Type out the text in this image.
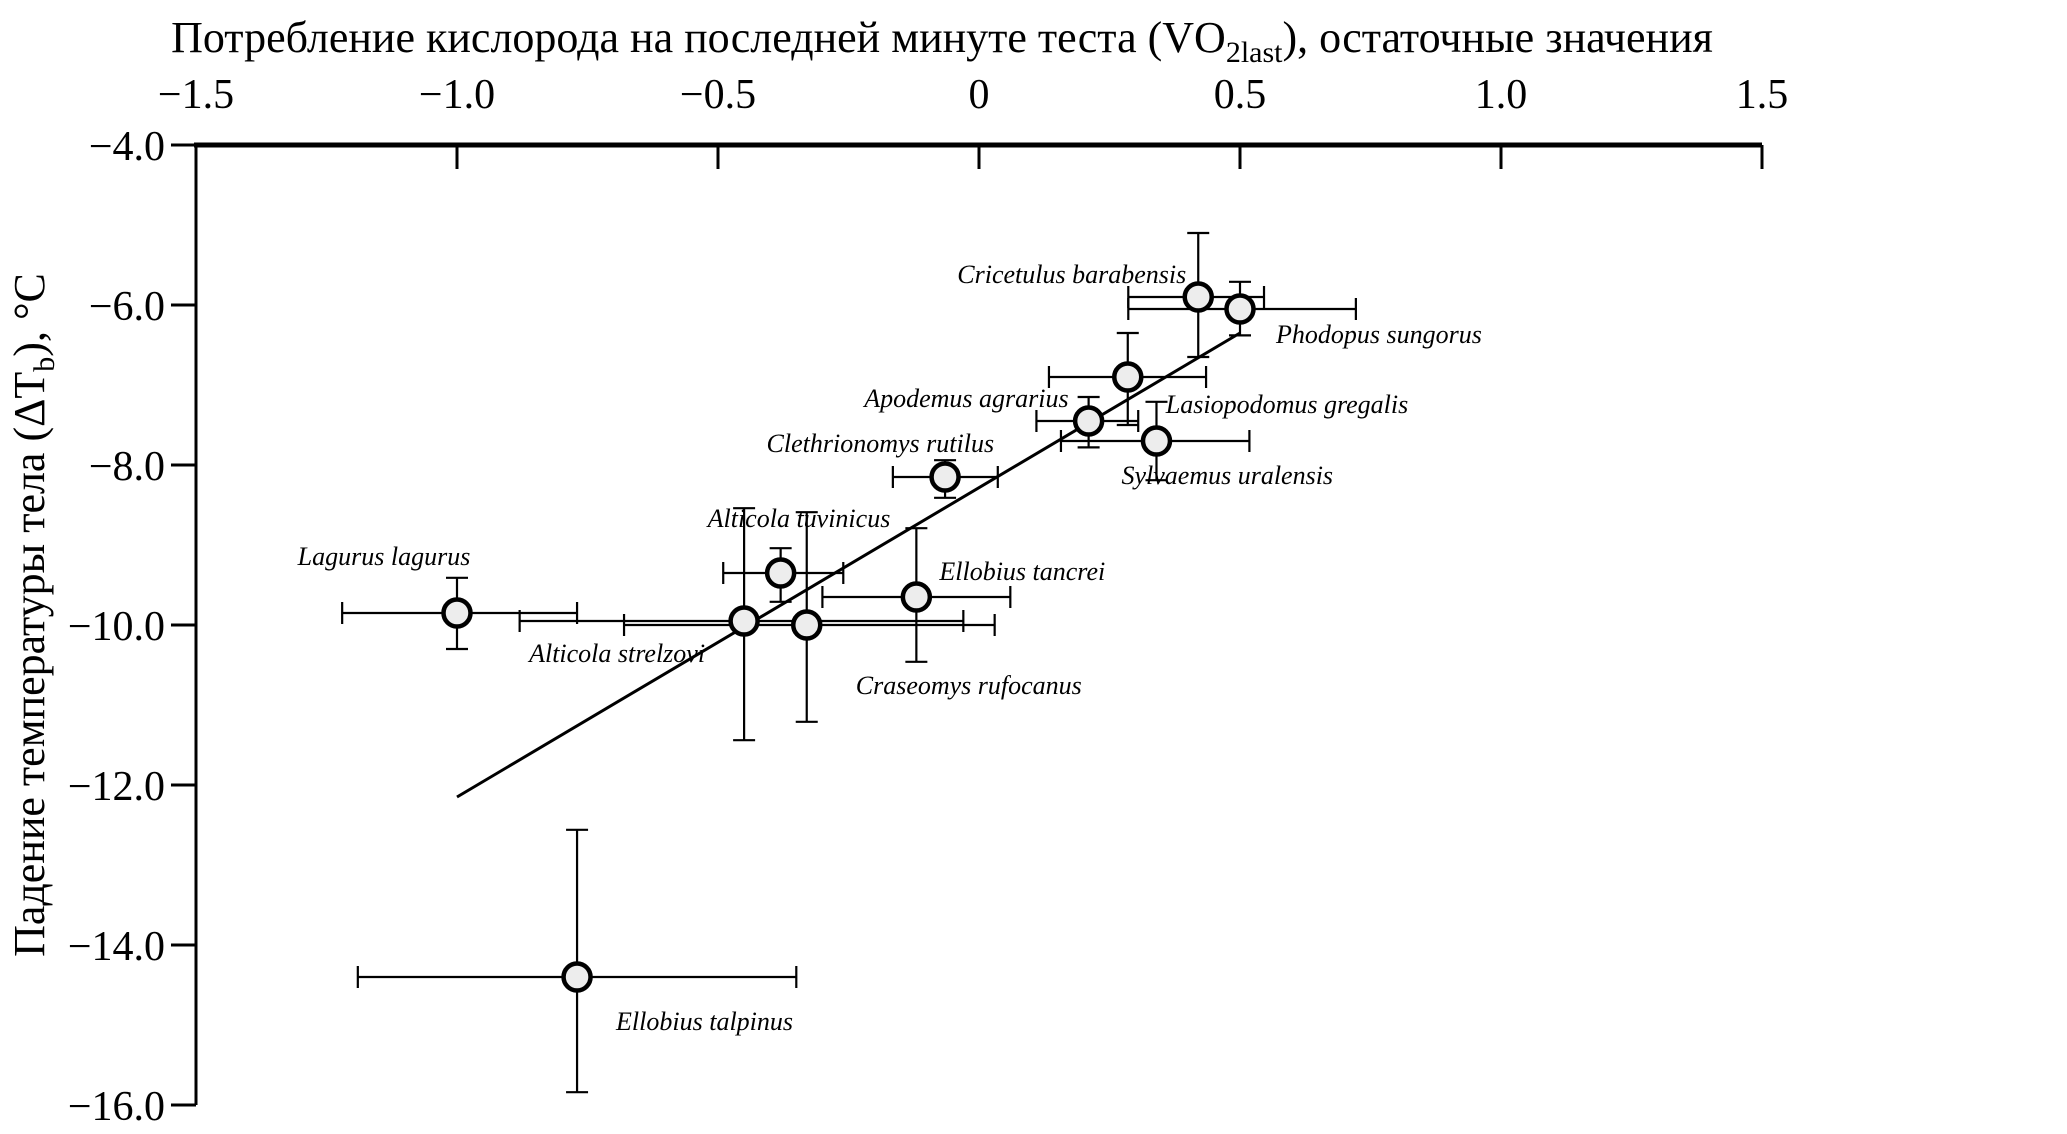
Потребление кислорода на последней минуте теста $(VO_{2last})$, остаточные значения
Падение температуры тела $(\Delta T_b)$, °C
−1.5	−1.0	−0.5	0	0.5	1.0	1.5
−4.0
−6.0
−8.0
−10.0
−12.0
−14.0
−16.0
Lagurus lagurus
Ellobius talpinus
Alticola strelzovi
Craseomys rufocanus
Alticola tuvinicus
Ellobius tancrei
Clethrionomys rutilus
Apodemus agrarius	Lasiopodomus gregalis
Sylvaemus uralensis
Cricetulus barabensis
Phodopus sungorus
